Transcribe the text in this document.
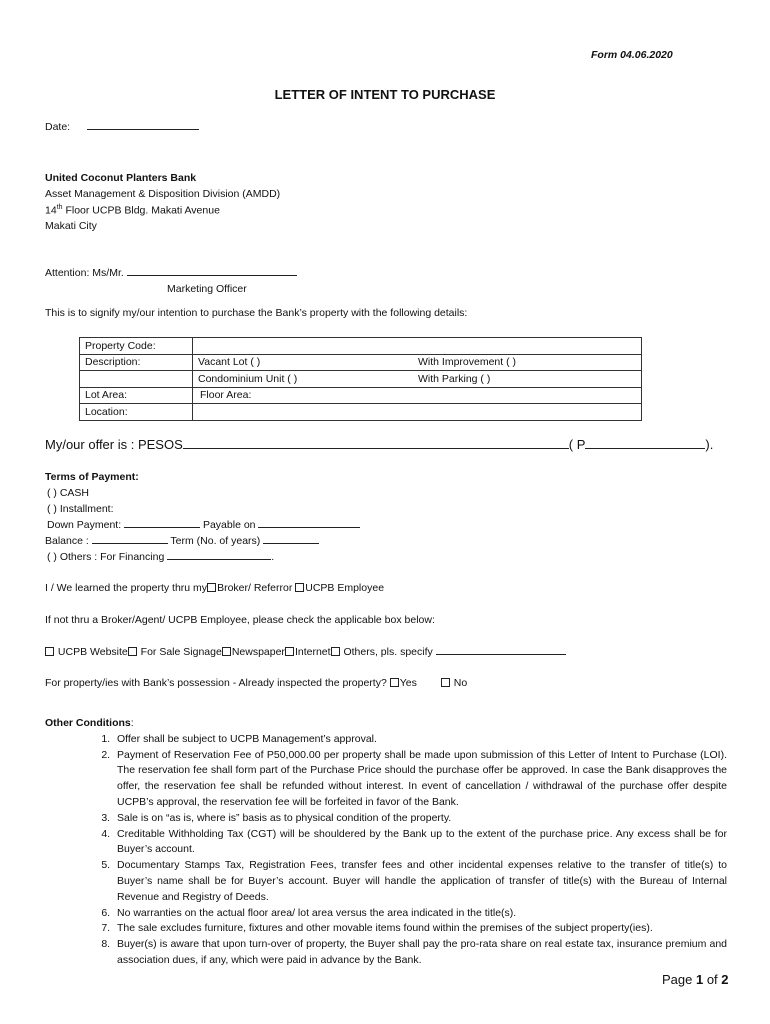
Form 04.06.2020
LETTER OF INTENT TO PURCHASE
Date:
United Coconut Planters Bank
Asset Management & Disposition Division (AMDD)
14th Floor UCPB Bldg. Makati Avenue
Makati City
Attention: Ms/Mr.
Marketing Officer
This is to signify my/our intention to purchase the Bank’s property with the following details:
Property Code:		
Description:	Vacant Lot ( )	With Improvement ( )
	Condominium Unit ( )	With Parking ( )
Lot Area:	Floor Area:	
Location:		
My/our offer is : PESOS	( P	).
Terms of Payment:
( ) CASH
( ) Installment:
Down Payment:	Payable on
Balance :	Term (No. of years)
( ) Others : For Financing	.
I / We learned the property thru my Broker/ Referror UCPB Employee
If not thru a Broker/Agent/ UCPB Employee, please check the applicable box below:
UCPB Website For Sale Signage Newspaper Internet Others, pls. specify
For property/ies with Bank’s possession - Already inspected the property? Yes	No
Other Conditions:
1. Offer shall be subject to UCPB Management’s approval.
2. Payment of Reservation Fee of P50,000.00 per property shall be made upon submission of this Letter of Intent to Purchase (LOI). The reservation fee shall form part of the Purchase Price should the purchase offer be approved. In case the Bank disapproves the offer, the reservation fee shall be refunded without interest. In event of cancellation / withdrawal of the purchase offer despite UCPB’s approval, the reservation fee will be forfeited in favor of the Bank.
3. Sale is on “as is, where is” basis as to physical condition of the property.
4. Creditable Withholding Tax (CGT) will be shouldered by the Bank up to the extent of the purchase price. Any excess shall be for Buyer’s account.
5. Documentary Stamps Tax, Registration Fees, transfer fees and other incidental expenses relative to the transfer of title(s) to Buyer’s name shall be for Buyer’s account. Buyer will handle the application of transfer of title(s) with the Bureau of Internal Revenue and Registry of Deeds.
6. No warranties on the actual floor area/ lot area versus the area indicated in the title(s).
7. The sale excludes furniture, fixtures and other movable items found within the premises of the subject property(ies).
8. Buyer(s) is aware that upon turn-over of property, the Buyer shall pay the pro-rata share on real estate tax, insurance premium and association dues, if any, which were paid in advance by the Bank.
Page 1 of 2
